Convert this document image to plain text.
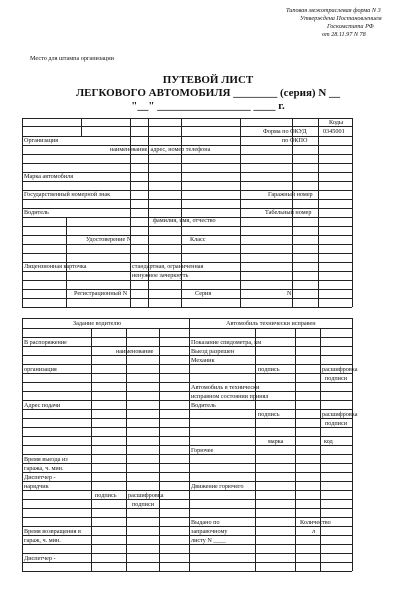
Типовая межотраслевая форма N 3
Утверждена Постановлением
Госкомстата РФ
от 28.11.97 N 78
Место для штампа организации
ПУТЕВОЙ ЛИСТ
ЛЕГКОВОГО АВТОМОБИЛЯ ________ (серия) N __
"__" _________________ ____ г.
Коды
Форма по ОКУД	0345001
Организация	по ОКПО
наименование, адрес, номер телефона
Марка автомобиля
Государственный номерной знак	Гаражный номер
Водитель	Табельный номер
фамилия, имя, отчество
Удостоверение N	Класс
Лицензионная карточка	стандартная, ограниченная
ненужное зачеркнуть
Регистрационный N	Серия	N
Задание водителю	Автомобиль технически исправен
В распоряжение	Показание спидометра, км
наименование	Выезд разрешен
Механик
организация	подпись	расшифровка
подписи
Автомобиль в технически
исправном состоянии принял
Адрес подачи	Водитель
подпись	расшифровка
подписи
марка	код
Горючее
Время выезда из
гаража, ч. мин.
Диспетчер -
нарядчик	Движение горючего
подпись расшифровка
подписи
Выдано по	Количество
Время возвращения в	заправочному	л
гараж, ч. мин.	листу N ____
Диспетчер -
